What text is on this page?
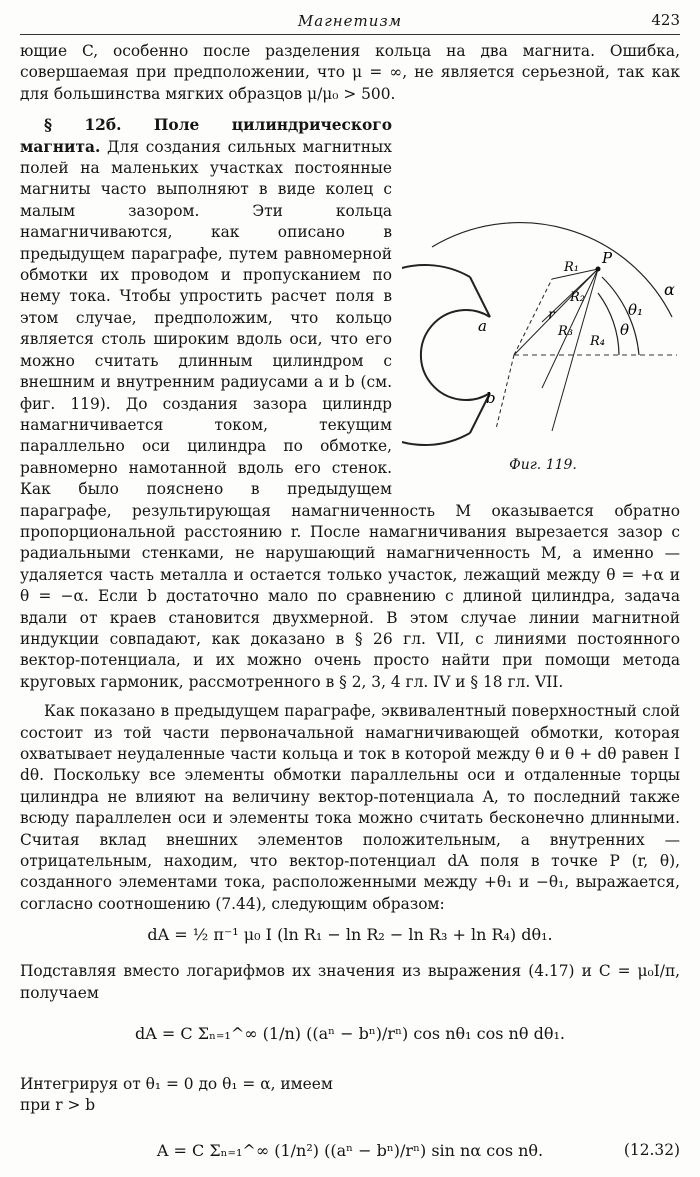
Магнетизм	423

ющие C, особенно после разделения кольца на два магнита. Ошибка, совершаемая при предположении, что μ = ∞, не является серьезной, так как для большинства мягких образцов μ/μ₀ > 500.

α
θ₁
θ
P
R₁
R₂
R₃
R₄
r
a
b
Фиг. 119.

§ 12б. Поле цилиндрического магнита. Для создания сильных магнитных полей на маленьких участках постоянные магниты часто выполняют в виде колец с малым зазором. Эти кольца намагничиваются, как описано в предыдущем параграфе, путем равномерной обмотки их проводом и пропусканием по нему тока. Чтобы упростить расчет поля в этом случае, предположим, что кольцо является столь широким вдоль оси, что его можно считать длинным цилиндром с внешним и внутренним радиусами a и b (см. фиг. 119). До создания зазора цилиндр намагничивается током, текущим параллельно оси цилиндра по обмотке, равномерно намотанной вдоль его стенок. Как было пояснено в предыдущем параграфе, результирующая намагниченность M оказывается обратно пропорциональной расстоянию r. После намагничивания вырезается зазор с радиальными стенками, не нарушающий намагниченность M, а именно — удаляется часть металла и остается только участок, лежащий между θ = +α и θ = −α. Если b достаточно мало по сравнению с длиной цилиндра, задача вдали от краев становится двухмерной. В этом случае линии магнитной индукции совпадают, как доказано в § 26 гл. VII, с линиями постоянного вектор-потенциала, и их можно очень просто найти при помощи метода круговых гармоник, рассмотренного в § 2, 3, 4 гл. IV и § 18 гл. VII.

Как показано в предыдущем параграфе, эквивалентный поверхностный слой состоит из той части первоначальной намагничивающей обмотки, которая охватывает неудаленные части кольца и ток в которой между θ и θ + dθ равен I dθ. Поскольку все элементы обмотки параллельны оси и отдаленные торцы цилиндра не влияют на величину вектор-потенциала A, то последний также всюду параллелен оси и элементы тока можно считать бесконечно длинными. Считая вклад внешних элементов положительным, а внутренних — отрицательным, находим, что вектор-потенциал dA поля в точке P (r, θ), созданного элементами тока, расположенными между +θ₁ и −θ₁, выражается, согласно соотношению (7.44), следующим образом:

dA = ½ π⁻¹ μ₀ I (ln R₁ − ln R₂ − ln R₃ + ln R₄) dθ₁.

Подставляя вместо логарифмов их значения из выражения (4.17) и C = μ₀I/π, получаем

dA = C Σₙ₌₁^∞ (1/n) ((aⁿ − bⁿ)/rⁿ) cos nθ₁ cos nθ dθ₁.

Интегрируя от θ₁ = 0 до θ₁ = α, имеем

при r > b

A = C Σₙ₌₁^∞ (1/n²) ((aⁿ − bⁿ)/rⁿ) sin nα cos nθ.	(12.32)
